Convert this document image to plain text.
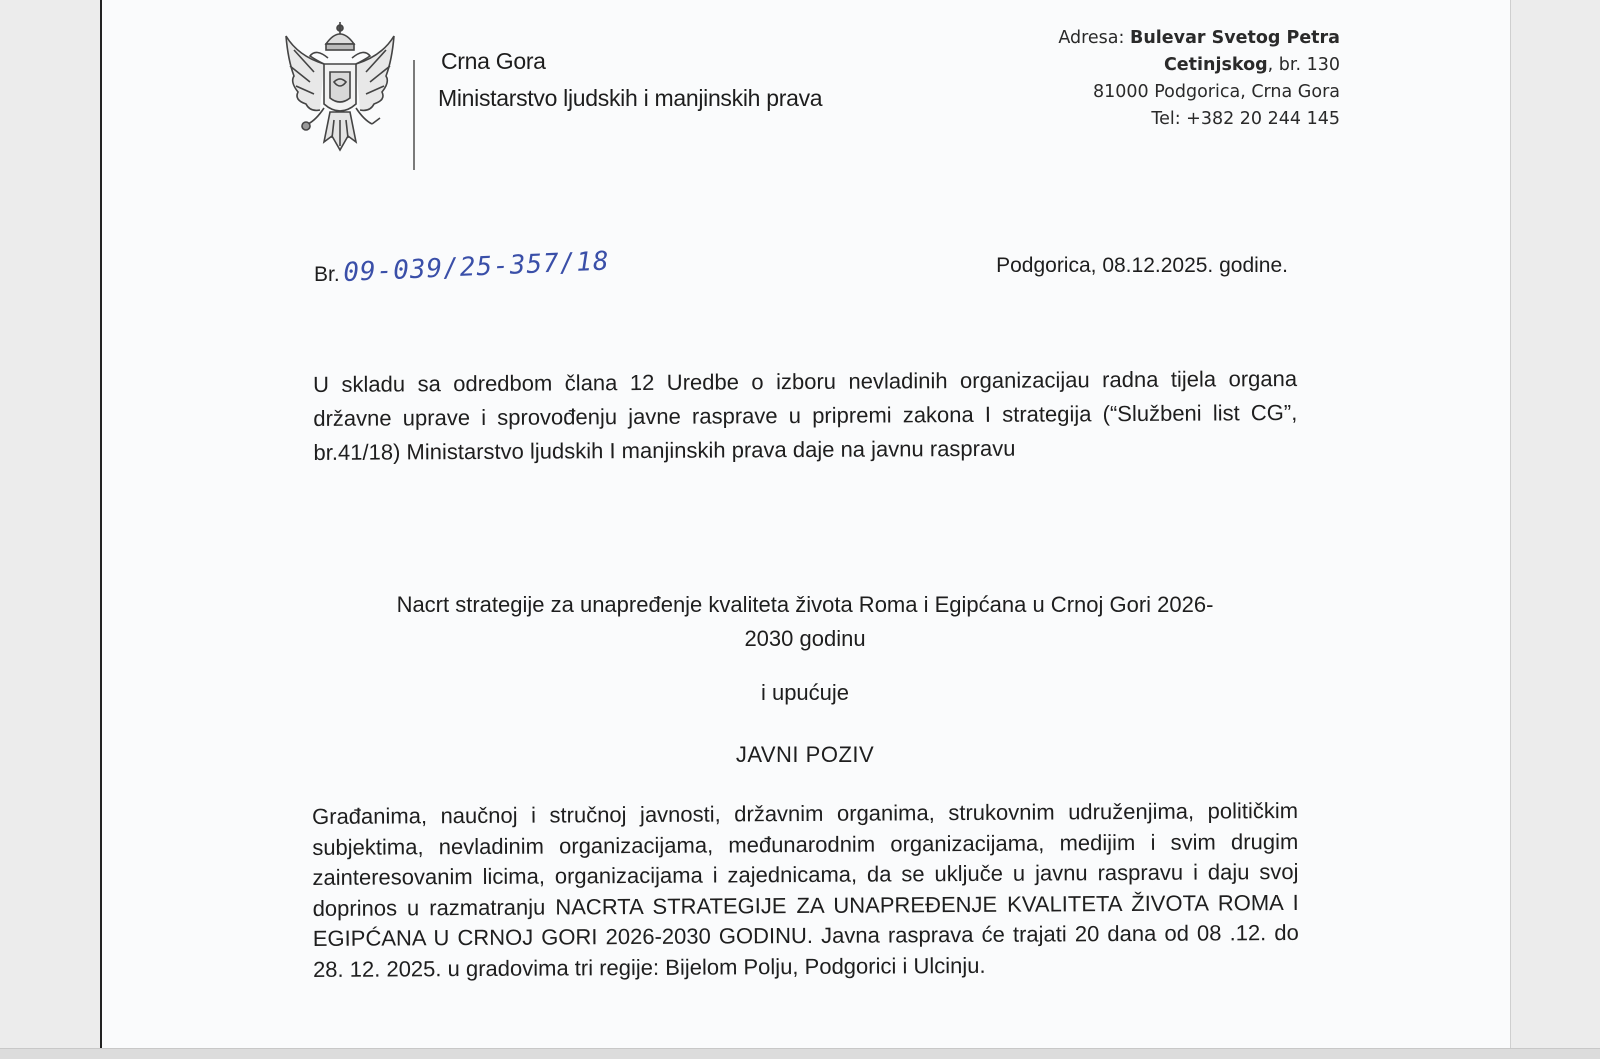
Crna Gora
Ministarstvo ljudskih i manjinskih prava
Adresa: Bulevar Svetog Petra
Cetinjskog, br. 130
81000 Podgorica, Crna Gora
Tel: +382 20 244 145
Br. 09-039/25-357/18	Podgorica, 08.12.2025. godine.
U skladu sa odredbom člana 12 Uredbe o izboru nevladinih organizacijau radna tijela organa državne uprave i sprovođenju javne rasprave u pripremi zakona I strategija (“Službeni list CG”, br.41/18) Ministarstvo ljudskih I manjinskih prava daje na javnu raspravu
Nacrt strategije za unapređenje kvaliteta života Roma i Egipćana u Crnoj Gori 2026-
2030 godinu
i upućuje
JAVNI POZIV
Građanima, naučnoj i stručnoj javnosti, državnim organima, strukovnim udruženjima, političkim subjektima, nevladinim organizacijama, međunarodnim organizacijama, medijim i svim drugim zainteresovanim licima, organizacijama i zajednicama, da se uključe u javnu raspravu i daju svoj doprinos u razmatranju NACRTA STRATEGIJE ZA UNAPREĐENJE KVALITETA ŽIVOTA ROMA I EGIPĆANA U CRNOJ GORI 2026-2030 GODINU. Javna rasprava će trajati 20 dana od 08 .12. do 28. 12. 2025. u gradovima tri regije: Bijelom Polju, Podgorici i Ulcinju.
